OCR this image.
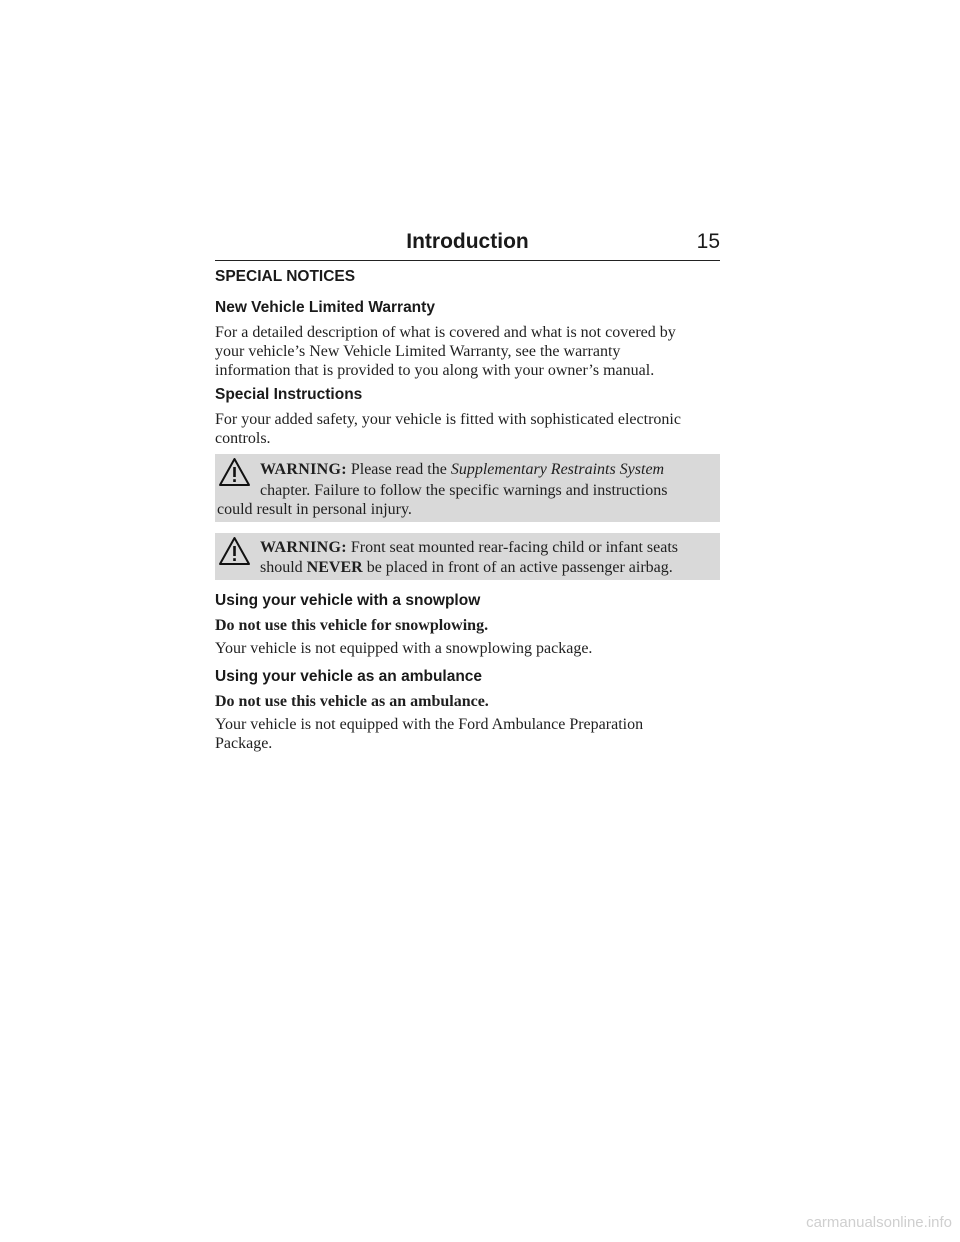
Introduction	15
SPECIAL NOTICES
New Vehicle Limited Warranty
For a detailed description of what is covered and what is not covered by
your vehicle’s New Vehicle Limited Warranty, see the warranty
information that is provided to you along with your owner’s manual.
Special Instructions
For your added safety, your vehicle is fitted with sophisticated electronic
controls.
WARNING: Please read the Supplementary Restraints System
chapter. Failure to follow the specific warnings and instructions
could result in personal injury.
WARNING: Front seat mounted rear-facing child or infant seats
should NEVER be placed in front of an active passenger airbag.
Using your vehicle with a snowplow
Do not use this vehicle for snowplowing.
Your vehicle is not equipped with a snowplowing package.
Using your vehicle as an ambulance
Do not use this vehicle as an ambulance.
Your vehicle is not equipped with the Ford Ambulance Preparation
Package.
carmanualsonline.info
